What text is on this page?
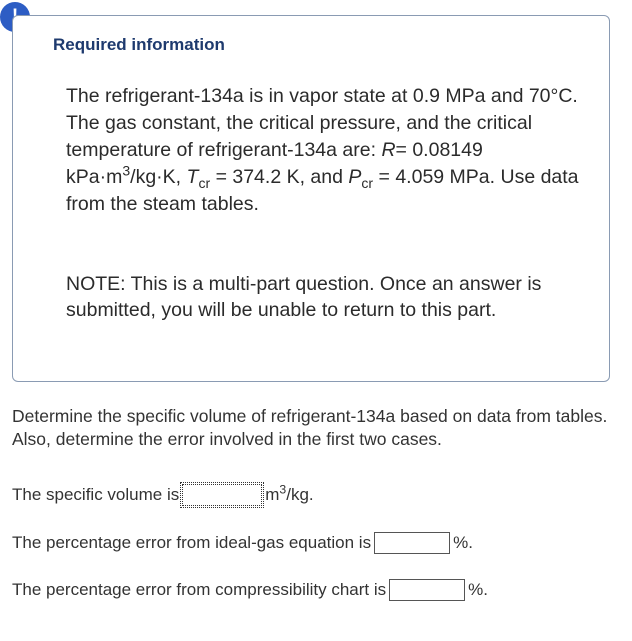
Required information

The refrigerant-134a is in vapor state at 0.9 MPa and 70°C. The gas constant, the critical pressure, and the critical temperature of refrigerant-134a are: R= 0.08149 $kPa\cdot m^3/kg\cdot K$, $T_{cr} = 374.2$ K, and $P_{cr} = 4.059$ MPa. Use data from the steam tables.

NOTE: This is a multi-part question. Once an answer is submitted, you will be unable to return to this part.

Determine the specific volume of refrigerant-134a based on data from tables. Also, determine the error involved in the first two cases.

The specific volume is	$m^3/kg$.
The percentage error from ideal-gas equation is	%.
The percentage error from compressibility chart is	%.
